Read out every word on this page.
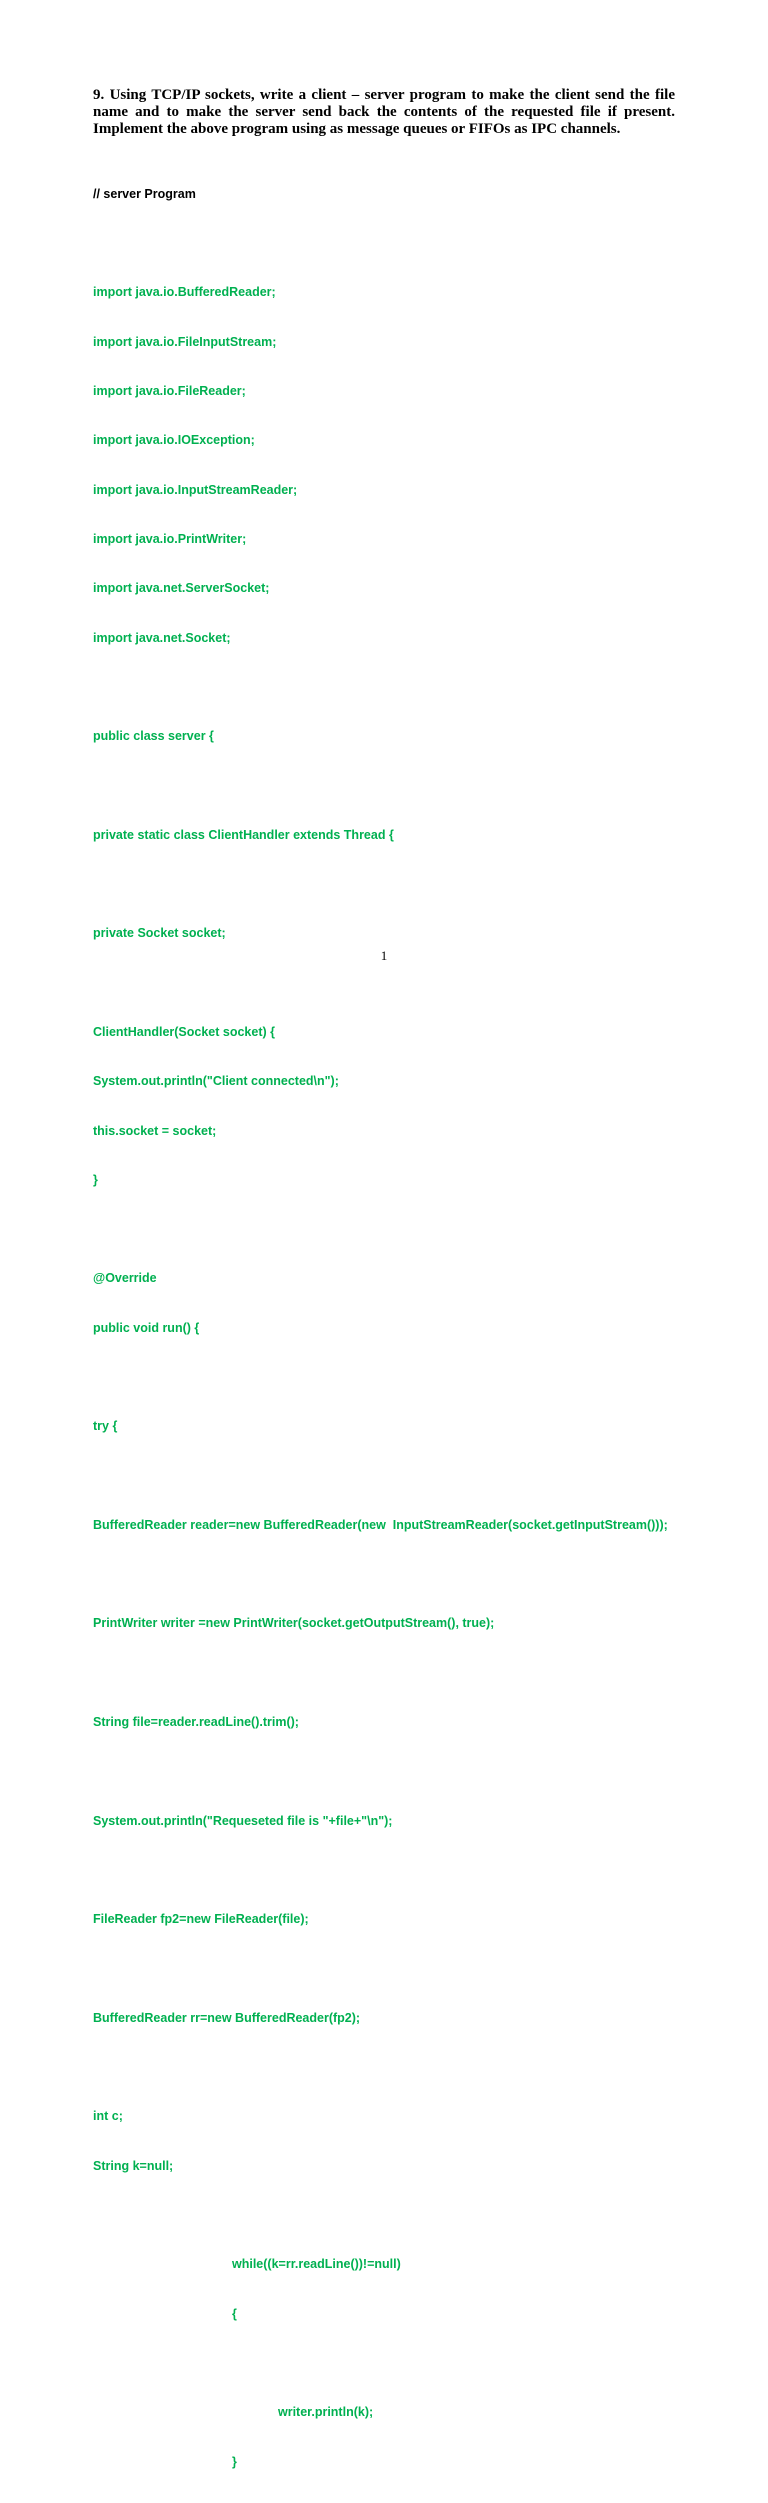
9. Using TCP/IP sockets, write a client – server program to make the client send the file name and to make the server send back the contents of the requested file if present. Implement the above program using as message queues or FIFOs as IPC channels.

// server Program

import java.io.BufferedReader;

import java.io.FileInputStream;

import java.io.FileReader;

import java.io.IOException;

import java.io.InputStreamReader;

import java.io.PrintWriter;

import java.net.ServerSocket;

import java.net.Socket;

public class server {

private static class ClientHandler extends Thread {

private Socket socket;

ClientHandler(Socket socket) {

System.out.println("Client connected\n");

this.socket = socket;

}

@Override

public void run() {

try {

BufferedReader reader=new BufferedReader(new  InputStreamReader(socket.getInputStream()));

PrintWriter writer =new PrintWriter(socket.getOutputStream(), true);

String file=reader.readLine().trim();

System.out.println("Requeseted file is "+file+"\n");

FileReader fp2=new FileReader(file);

BufferedReader rr=new BufferedReader(fp2);

int c;

String k=null;

while((k=rr.readLine())!=null)

{

writer.println(k);

}

1
